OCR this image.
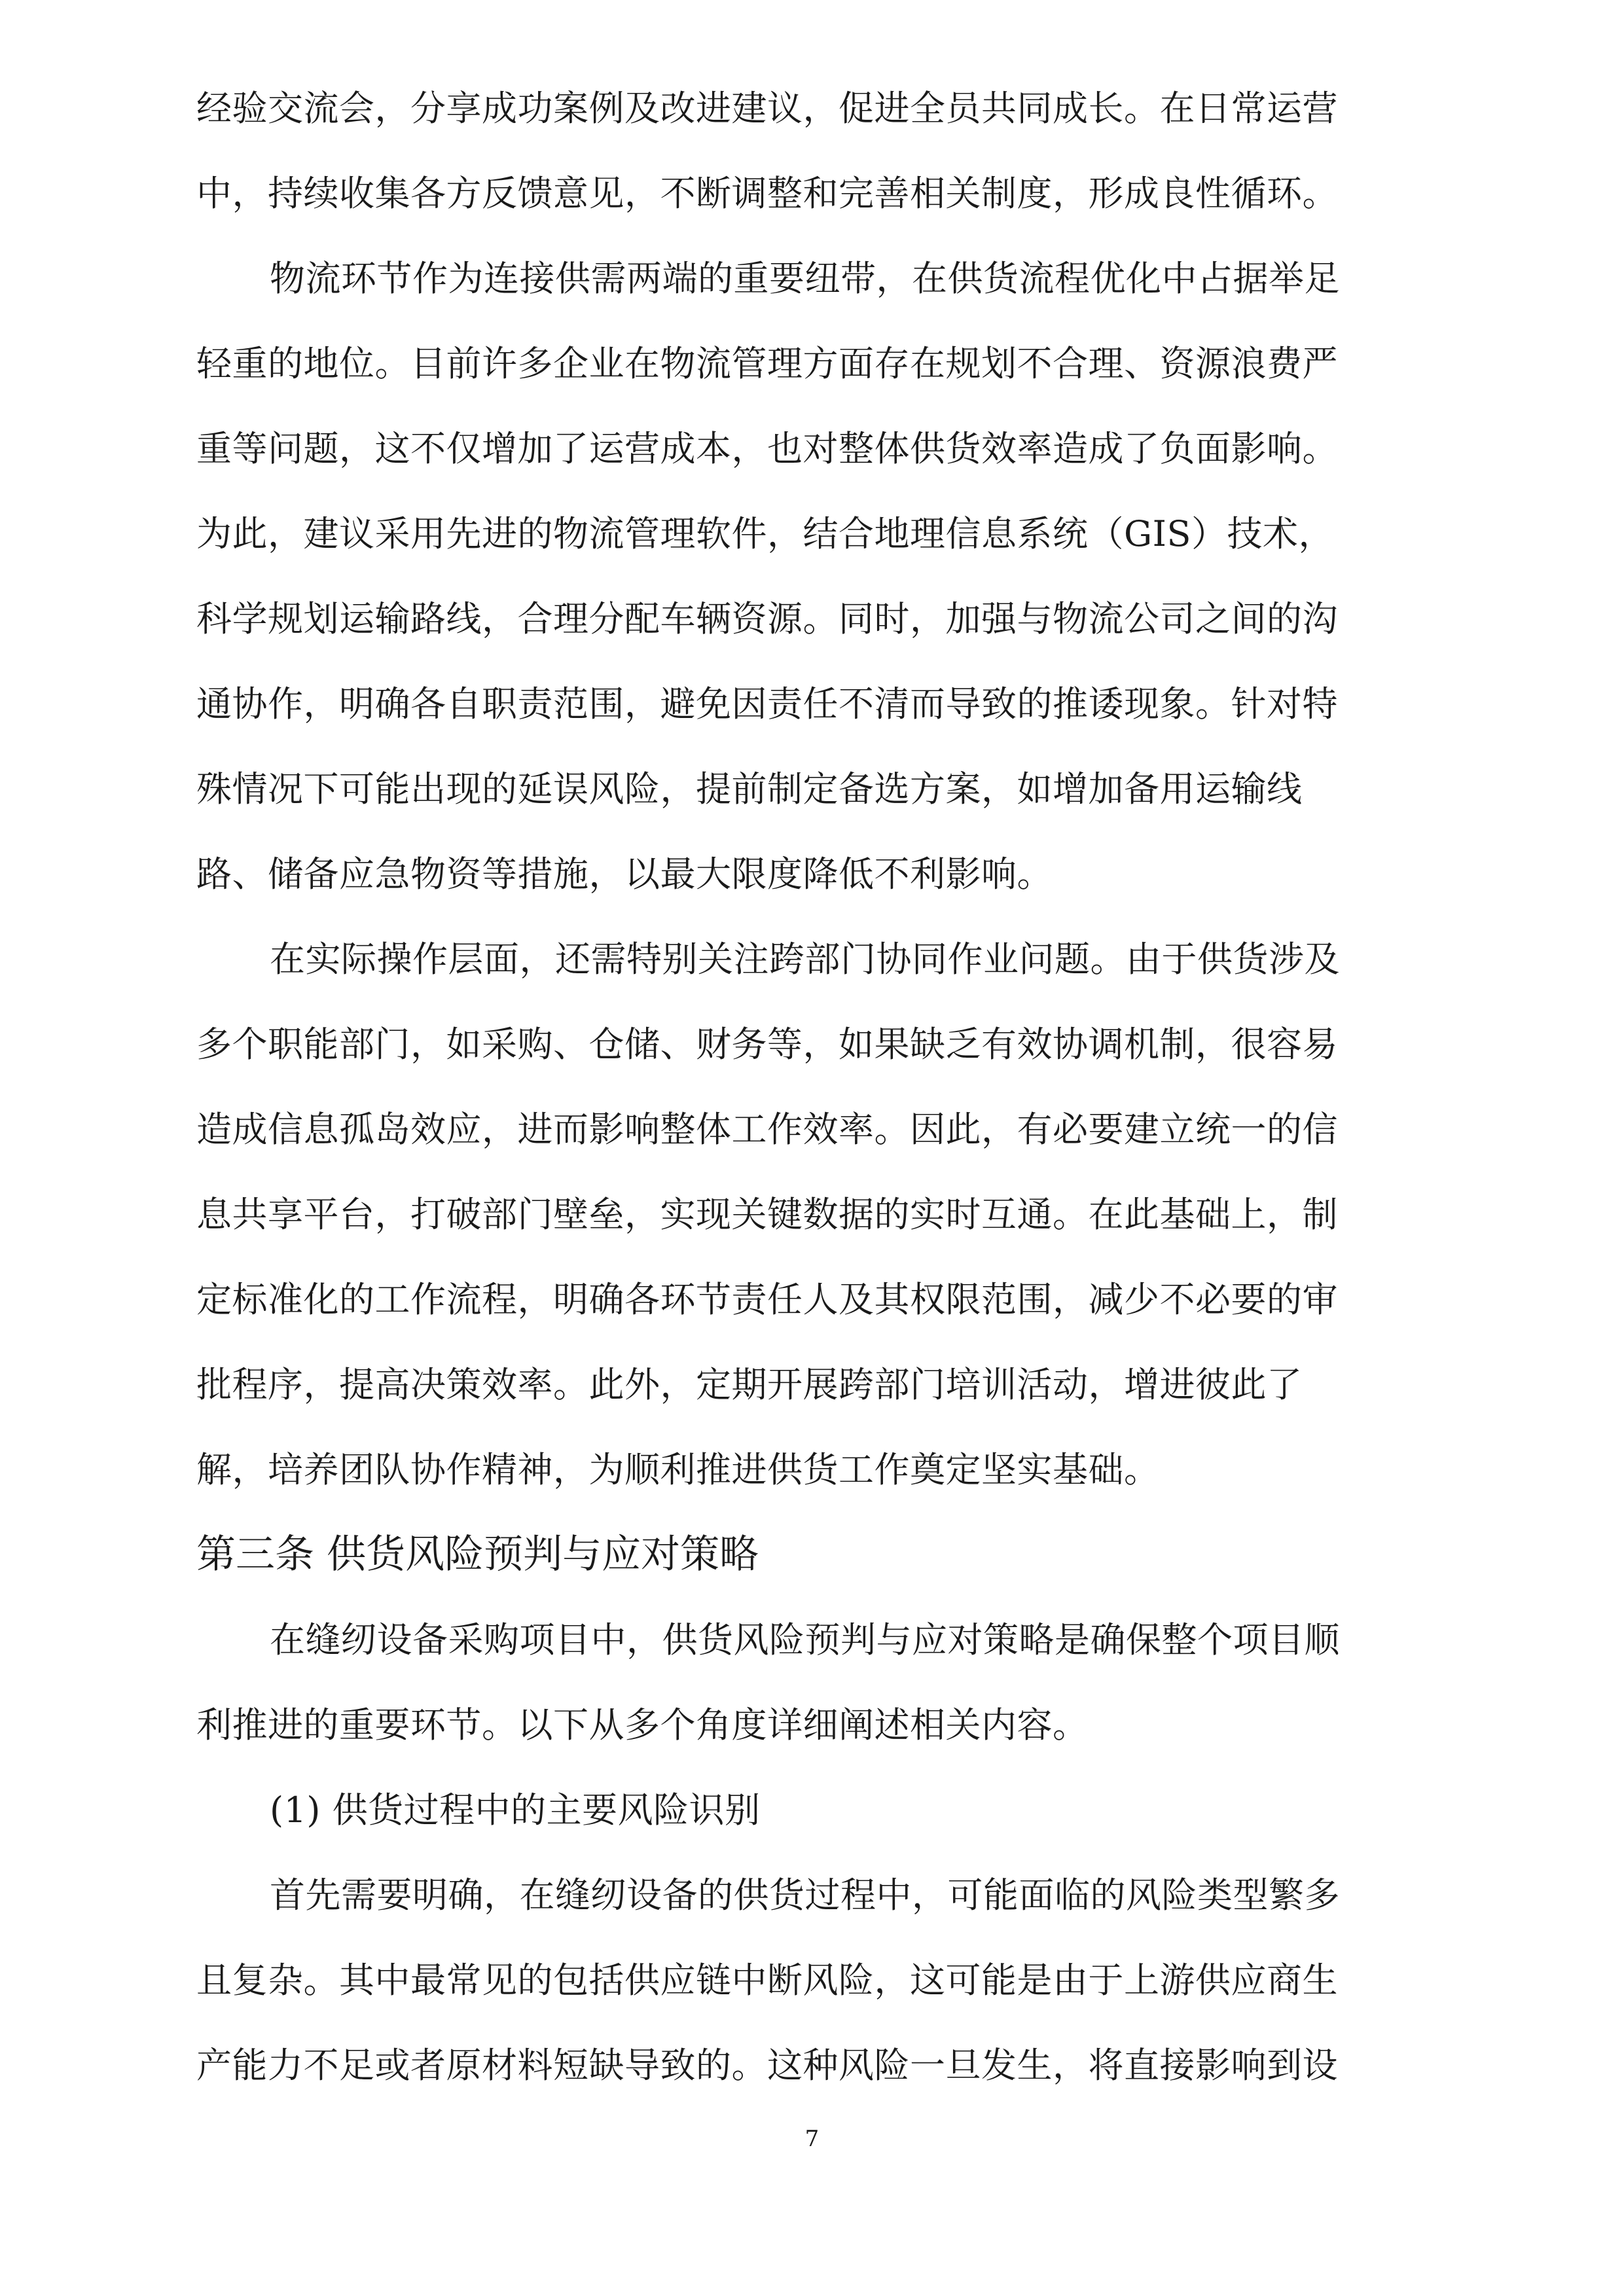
经验交流会，分享成功案例及改进建议，促进全员共同成长。在日常运营
中，持续收集各方反馈意见，不断调整和完善相关制度，形成良性循环。
物流环节作为连接供需两端的重要纽带，在供货流程优化中占据举足
轻重的地位。目前许多企业在物流管理方面存在规划不合理、资源浪费严
重等问题，这不仅增加了运营成本，也对整体供货效率造成了负面影响。
为此，建议采用先进的物流管理软件，结合地理信息系统（GIS）技术，
科学规划运输路线，合理分配车辆资源。同时，加强与物流公司之间的沟
通协作，明确各自职责范围，避免因责任不清而导致的推诿现象。针对特
殊情况下可能出现的延误风险，提前制定备选方案，如增加备用运输线
路、储备应急物资等措施，以最大限度降低不利影响。
在实际操作层面，还需特别关注跨部门协同作业问题。由于供货涉及
多个职能部门，如采购、仓储、财务等，如果缺乏有效协调机制，很容易
造成信息孤岛效应，进而影响整体工作效率。因此，有必要建立统一的信
息共享平台，打破部门壁垒，实现关键数据的实时互通。在此基础上，制
定标准化的工作流程，明确各环节责任人及其权限范围，减少不必要的审
批程序，提高决策效率。此外，定期开展跨部门培训活动，增进彼此了
解，培养团队协作精神，为顺利推进供货工作奠定坚实基础。
第三条 供货风险预判与应对策略
在缝纫设备采购项目中，供货风险预判与应对策略是确保整个项目顺
利推进的重要环节。以下从多个角度详细阐述相关内容。
(1) 供货过程中的主要风险识别
首先需要明确，在缝纫设备的供货过程中，可能面临的风险类型繁多
且复杂。其中最常见的包括供应链中断风险，这可能是由于上游供应商生
产能力不足或者原材料短缺导致的。这种风险一旦发生，将直接影响到设
7
